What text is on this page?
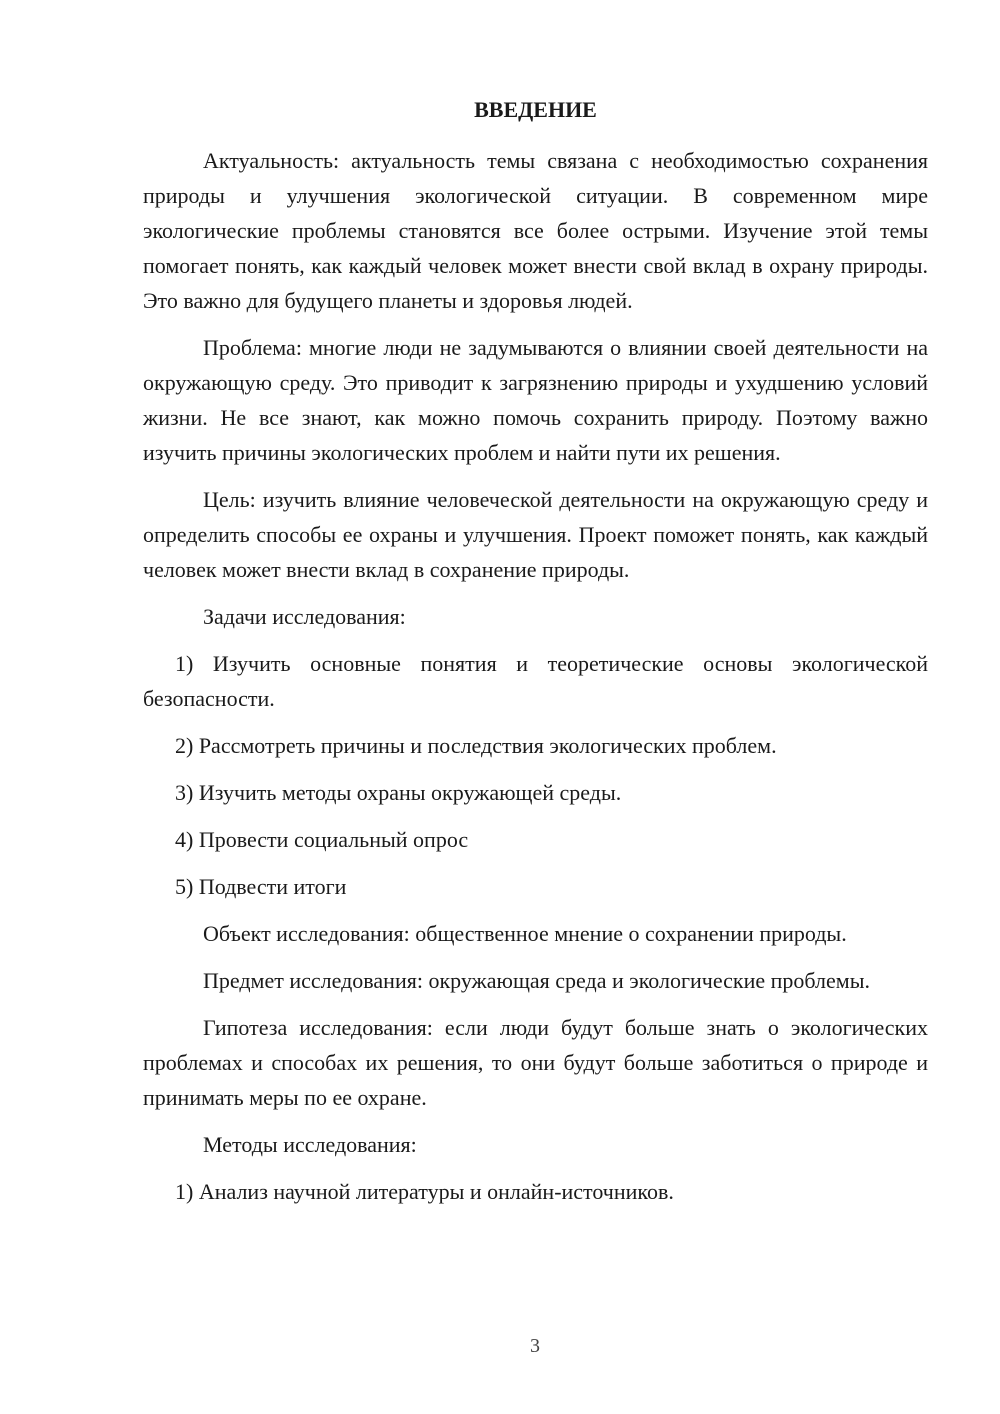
ВВЕДЕНИЕ

Актуальность: актуальность темы связана с необходимостью сохранения природы и улучшения экологической ситуации. В современном мире экологические проблемы становятся все более острыми. Изучение этой темы помогает понять, как каждый человек может внести свой вклад в охрану природы. Это важно для будущего планеты и здоровья людей.

Проблема: многие люди не задумываются о влиянии своей деятельности на окружающую среду. Это приводит к загрязнению природы и ухудшению условий жизни. Не все знают, как можно помочь сохранить природу. Поэтому важно изучить причины экологических проблем и найти пути их решения.

Цель: изучить влияние человеческой деятельности на окружающую среду и определить способы ее охраны и улучшения. Проект поможет понять, как каждый человек может внести вклад в сохранение природы.

Задачи исследования:

1) Изучить основные понятия и теоретические основы экологической безопасности.

2) Рассмотреть причины и последствия экологических проблем.

3) Изучить методы охраны окружающей среды.

4) Провести социальный опрос

5) Подвести итоги

Объект исследования: общественное мнение о сохранении природы.

Предмет исследования: окружающая среда и экологические проблемы.

Гипотеза исследования: если люди будут больше знать о экологических проблемах и способах их решения, то они будут больше заботиться о природе и принимать меры по ее охране.

Методы исследования:

1) Анализ научной литературы и онлайн-источников.

3
